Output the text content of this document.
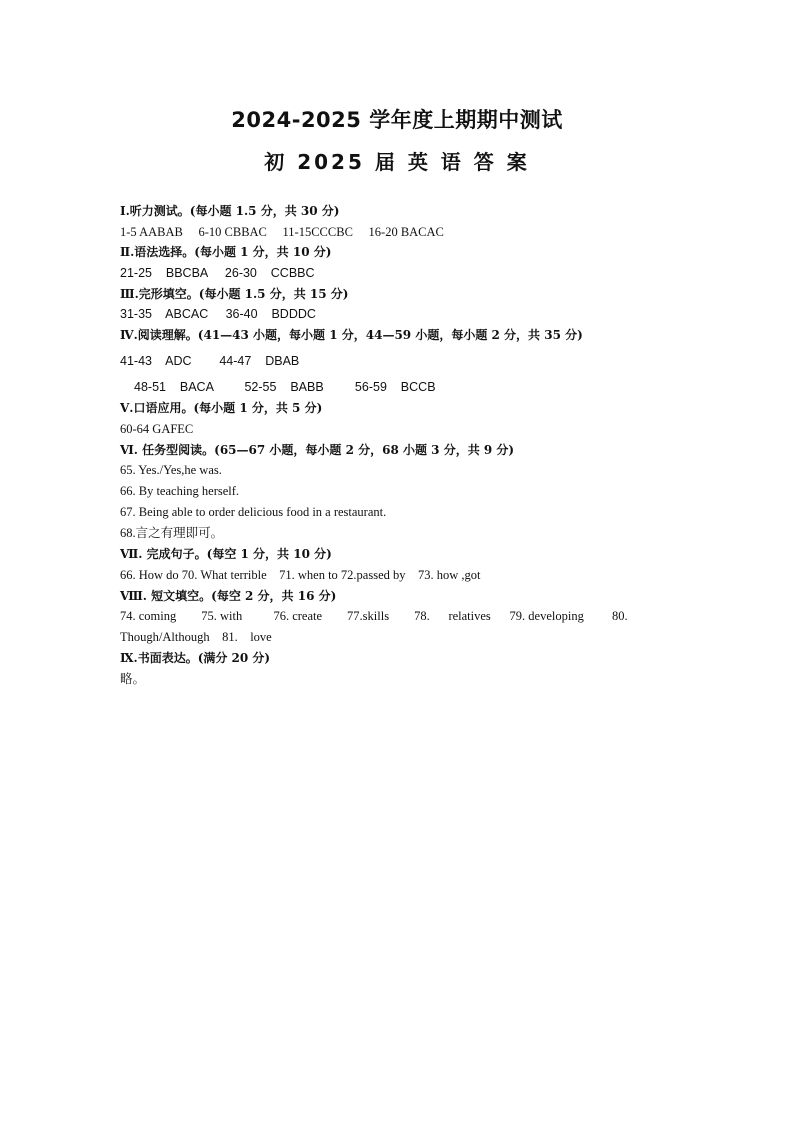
2024-2025 学年度上期期中测试
初 2025 届 英 语 答 案
Ⅰ.听力测试。(每小题 1.5 分，共 30 分)
1-5 AABAB     6-10 CBBAC     11-15CCCBC     16-20 BACAC
Ⅱ.语法选择。(每小题 1 分，共 10 分)
21-25    BBCBA     26-30    CCBBC
Ⅲ.完形填空。(每小题 1.5 分，共 15 分)
31-35    ABCAC     36-40    BDDDC
Ⅳ.阅读理解。(41—43 小题，每小题 1 分，44—59 小题，每小题 2 分，共 35 分)
41-43    ADC        44-47    DBAB
48-51    BACA         52-55    BABB         56-59    BCCB
Ⅴ.口语应用。(每小题 1 分，共 5 分)
60-64 GAFEC
Ⅵ. 任务型阅读。(65—67 小题，每小题 2 分，68 小题 3 分，共 9 分)
65. Yes./Yes,he was.
66. By teaching herself.
67. Being able to order delicious food in a restaurant.
68.言之有理即可。
Ⅶ. 完成句子。(每空 1 分，共 10 分)
66. How do 70. What terrible    71. when to 72.passed by    73. how ,got
Ⅷ. 短文填空。(每空 2 分，共 16 分)
74. coming        75. with          76. create        77.skills        78.      relatives      79. developing         80.
Though/Although    81.    love
Ⅸ.书面表达。(满分 20 分)
略。
